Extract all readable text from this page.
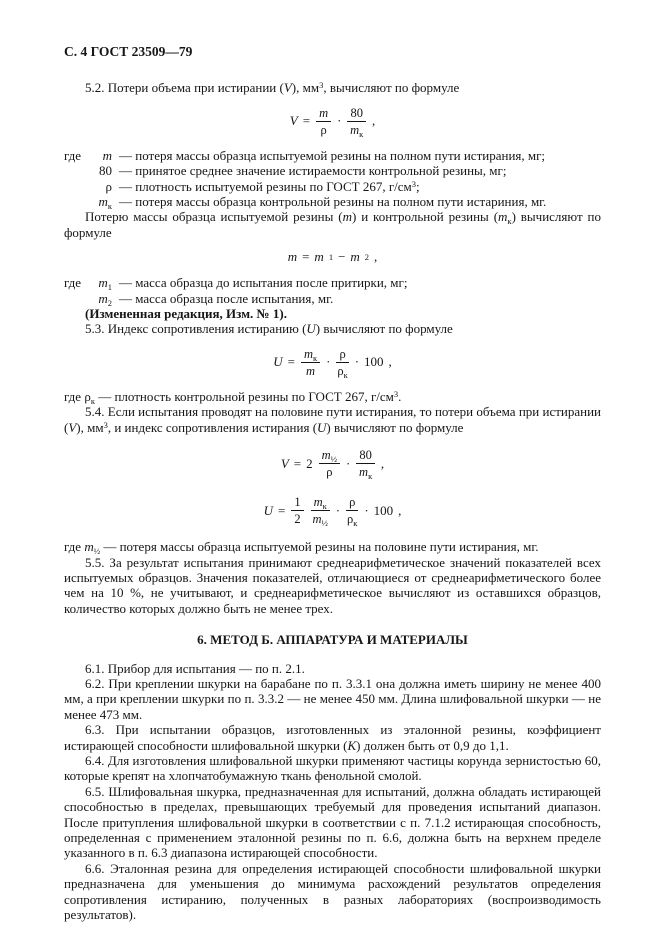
С. 4 ГОСТ 23509—79

5.2. Потери объема при истирании (V), $мм^3$, вычисляют по формуле

$V = \frac{m}{\rho} \cdot \frac{80}{m_к}$ ,
где m — потеря массы образца испытуемой резины на полном пути истирания, мг;
80 — принятое среднее значение истираемости контрольной резины, мг;
ρ — плотность испытуемой резины по ГОСТ 267, $г/см^3$;
$m_к$ — потеря массы образца контрольной резины на полном пути истариния, мг.

Потерю массы образца испытуемой резины (m) и контрольной резины $(m_к)$ вычисляют по формуле

m = m 1 − m 2 ,
где $m_1$ — масса образца до испытания после притирки, мг;
$m_2$ — масса образца после испытания, мг.

(Измененная редакция, Изм. № 1).

5.3. Индекс сопротивления истиранию (U) вычисляют по формуле

$U = \frac{m_к}{m} \cdot \frac{\rho}{\rho_к} \cdot 100$ ,

где $\rho_к$ — плотность контрольной резины по ГОСТ 267, $г/см^3$.

5.4. Если испытания проводят на половине пути истирания, то потери объема при истирании (V), $мм^3$, и индекс сопротивления истирания (U) вычисляют по формуле

$V = 2 \frac{m_{\frac{1}{2}}}{\rho} \cdot \frac{80}{m_к}$ ,
$U = \frac{1}{2} \frac{m_к}{m_{\frac{1}{2}}} \cdot \frac{\rho}{\rho_к} \cdot 100$ ,

где $m_{\frac{1}{2}}$ — потеря массы образца испытуемой резины на половине пути истирания, мг.

5.5. За результат испытания принимают среднеарифметическое значений показателей всех испытуемых образцов. Значения показателей, отличающиеся от среднеарифметического более чем на 10 %, не учитывают, и среднеарифметическое вычисляют из оставшихся образцов, количество которых должно быть не менее трех.

6. МЕТОД Б. АППАРАТУРА И МАТЕРИАЛЫ

6.1. Прибор для испытания — по п. 2.1.

6.2. При креплении шкурки на барабане по п. 3.3.1 она должна иметь ширину не менее 400 мм, а при креплении шкурки по п. 3.3.2 — не менее 450 мм. Длина шлифовальной шкурки — не менее 473 мм.

6.3. При испытании образцов, изготовленных из эталонной резины, коэффициент истирающей способности шлифовальной шкурки (К) должен быть от 0,9 до 1,1.

6.4. Для изготовления шлифовальной шкурки применяют частицы корунда зернистостью 60, которые крепят на хлопчатобумажную ткань фенольной смолой.

6.5. Шлифовальная шкурка, предназначенная для испытаний, должна обладать истирающей способностью в пределах, превышающих требуемый для проведения испытаний диапазон. После притупления шлифовальной шкурки в соответствии с п. 7.1.2 истирающая способность, определенная с применением эталонной резины по п. 6.6, должна быть на верхнем пределе указанного в п. 6.3 диапазона истирающей способности.

6.6. Эталонная резина для определения истирающей способности шлифовальной шкурки предназначена для уменьшения до минимума расхождений результатов определения сопротивления истиранию, полученных в разных лабораториях (воспроизводимость результатов).
